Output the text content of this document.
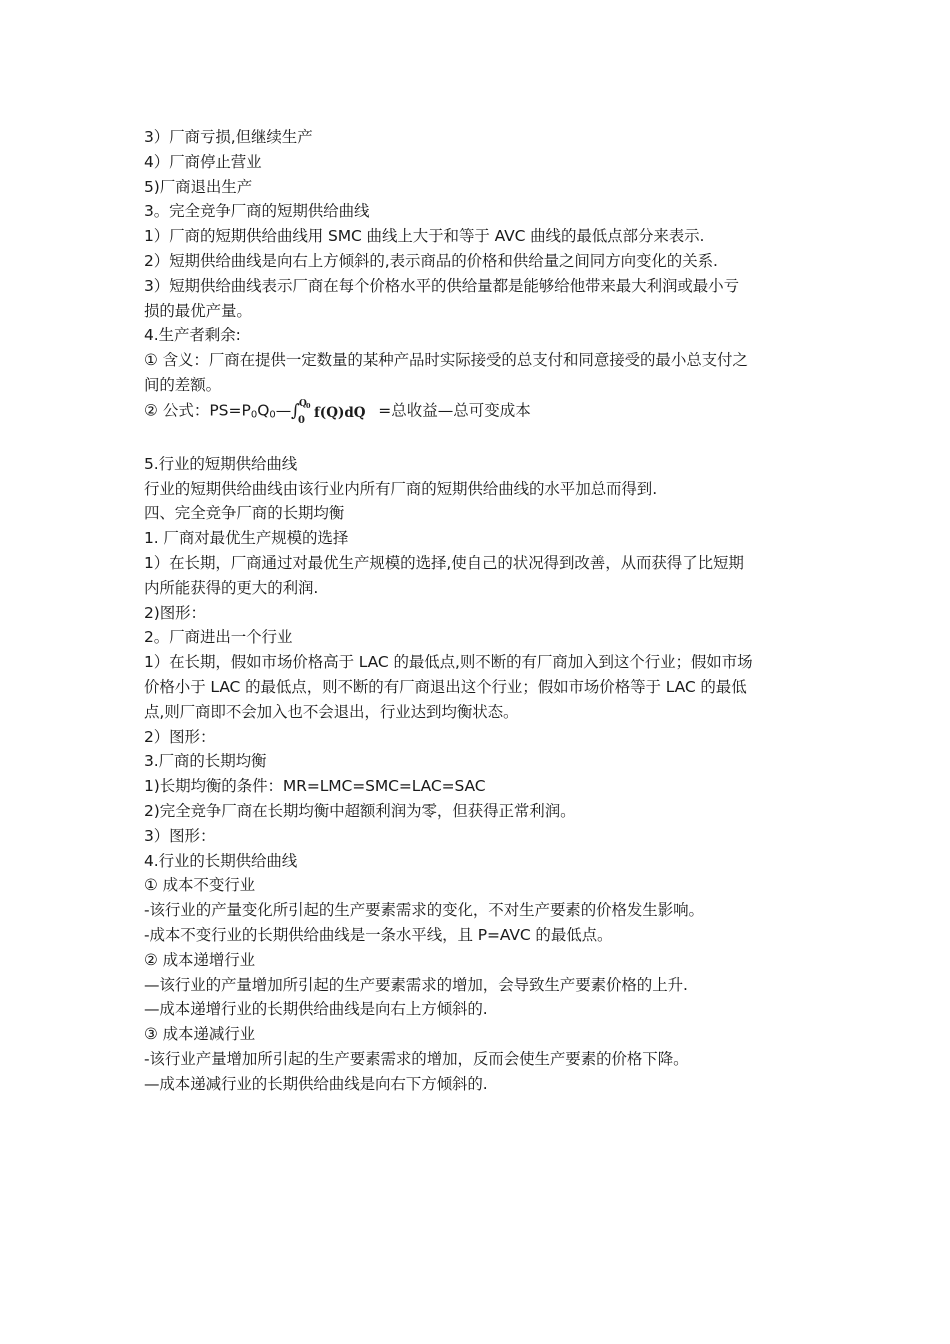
3）厂商亏损,但继续生产
4）厂商停止营业
5)厂商退出生产
3。完全竞争厂商的短期供给曲线
1）厂商的短期供给曲线用 SMC 曲线上大于和等于 AVC 曲线的最低点部分来表示.
2）短期供给曲线是向右上方倾斜的,表示商品的价格和供给量之间同方向变化的关系.
3）短期供给曲线表示厂商在每个价格水平的供给量都是能够给他带来最大利润或最小亏
损的最优产量。
4.生产者剩余:
① 含义：厂商在提供一定数量的某种产品时实际接受的总支付和同意接受的最小总支付之
间的差额。
② 公式：$PS=P_0Q_0—$ ∫ Q 0
0 f(Q)dQ =总收益—总可变成本
5.行业的短期供给曲线
行业的短期供给曲线由该行业内所有厂商的短期供给曲线的水平加总而得到.
四、完全竞争厂商的长期均衡
1. 厂商对最优生产规模的选择
1）在长期，厂商通过对最优生产规模的选择,使自己的状况得到改善，从而获得了比短期
内所能获得的更大的利润.
2)图形：
2。厂商进出一个行业
1）在长期，假如市场价格高于 LAC 的最低点,则不断的有厂商加入到这个行业；假如市场
价格小于 LAC 的最低点，则不断的有厂商退出这个行业；假如市场价格等于 LAC 的最低
点,则厂商即不会加入也不会退出，行业达到均衡状态。
2）图形：
3.厂商的长期均衡
1)长期均衡的条件：MR=LMC=SMC=LAC=SAC
2)完全竞争厂商在长期均衡中超额利润为零，但获得正常利润。
3）图形：
4.行业的长期供给曲线
① 成本不变行业
-该行业的产量变化所引起的生产要素需求的变化，不对生产要素的价格发生影响。
-成本不变行业的长期供给曲线是一条水平线，且 P=AVC 的最低点。
② 成本递增行业
—该行业的产量增加所引起的生产要素需求的增加，会导致生产要素价格的上升.
—成本递增行业的长期供给曲线是向右上方倾斜的.
③ 成本递减行业
-该行业产量增加所引起的生产要素需求的增加，反而会使生产要素的价格下降。
—成本递减行业的长期供给曲线是向右下方倾斜的.
